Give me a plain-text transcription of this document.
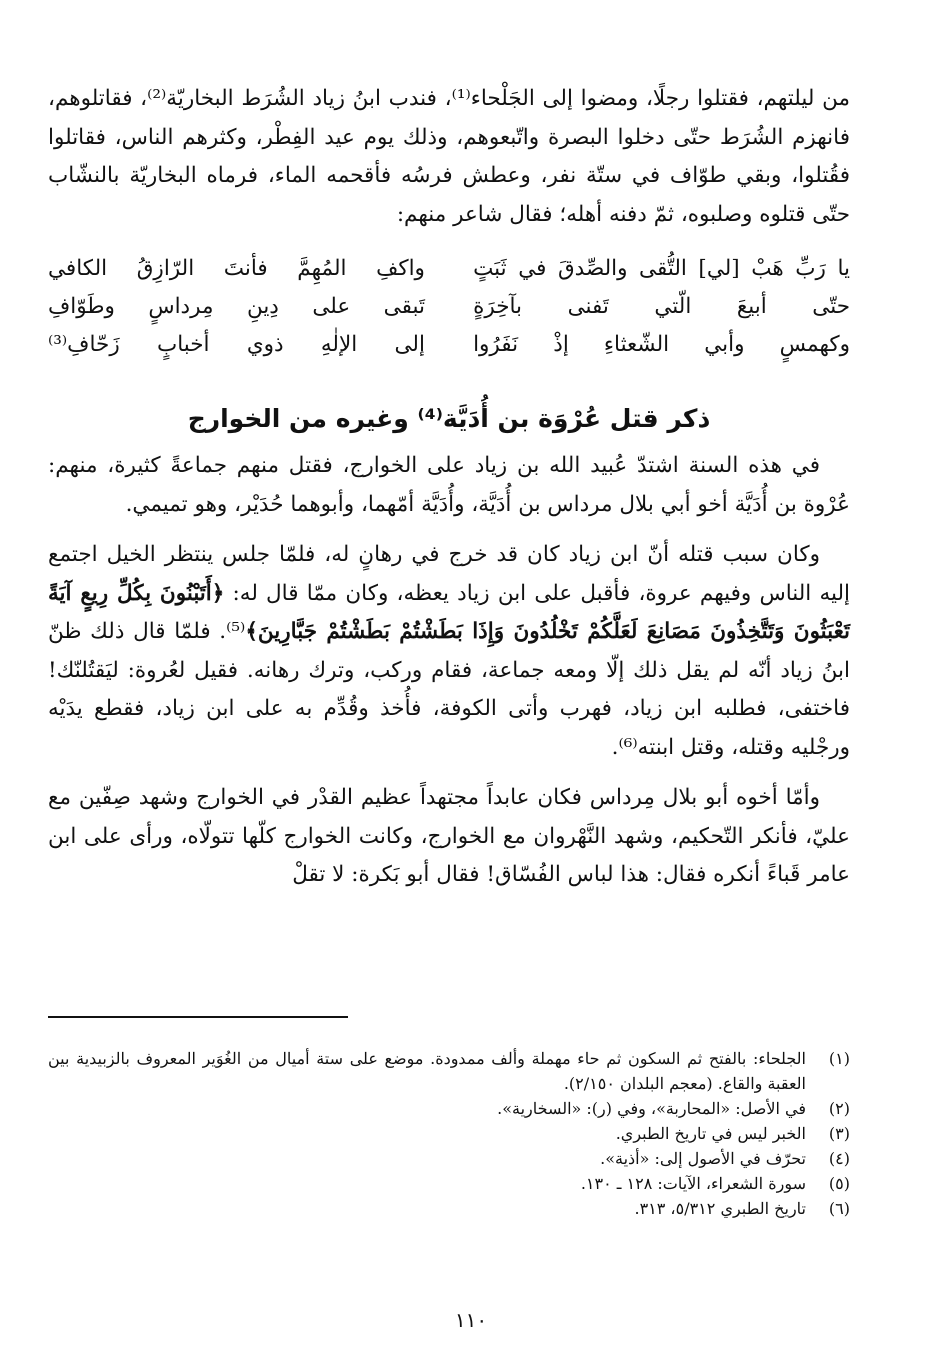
من ليلتهم، فقتلوا رجلًا، ومضوا إلى الجَلْحاء⁽¹⁾، فندب ابنُ زياد الشُرَط البخاريّة⁽²⁾، فقاتلوهم، فانهزم الشُرَط حتّى دخلوا البصرة واتّبعوهم، وذلك يوم عيد الفِطْر، وكثرهم الناس، فقاتلوا فقُتلوا، وبقي طوّاف في ستّة نفر، وعطش فرسُه فأقحمه الماء، فرماه البخاريّة بالنشّاب حتّى قتلوه وصلبوه، ثمّ دفنه أهله؛ فقال شاعر منهم:

يا رَبِّ هَبْ [لي] التُّقى والصِّدقَ في ثَبَتٍ
واكفِ المُهِمَّ فأنتَ الرّازِقُ الكافي
حتّى أبيعَ الّتي تَفنى بآخِرَةٍ
تَبقى على دِينِ مِرداسٍ وطَوّافِ
وكهمسٍ وأبي الشّعثاءِ إذْ نَفَرُوا
إلى الإلٰهِ ذوي أخبابٍ زَحّافِ⁽³⁾
ذكر قتل عُرْوَة بن أُدَيَّة⁽⁴⁾ وغيره من الخوارج

في هذه السنة اشتدّ عُبيد الله بن زياد على الخوارج، فقتل منهم جماعةً كثيرة، منهم: عُرْوة بن أُدَيَّة أخو أبي بلال مرداس بن أُدَيَّة، وأُدَيَّة أمّهما، وأبوهما حُدَيْر، وهو تميمي.

وكان سبب قتله أنّ ابن زياد كان قد خرج في رهانٍ له، فلمّا جلس ينتظر الخيل اجتمع إليه الناس وفيهم عروة، فأقبل على ابن زياد يعظه، وكان ممّا قال له: ﴿أَتَبْنُونَ بِكُلِّ رِيعٍ آيَةً تَعْبَثُونَ وَتَتَّخِذُونَ مَصَانِعَ لَعَلَّكُمْ تَخْلُدُونَ وَإِذَا بَطَشْتُمْ بَطَشْتُمْ جَبَّارِينَ﴾⁽⁵⁾. فلمّا قال ذلك ظنّ ابنُ زياد أنّه لم يقل ذلك إلّا ومعه جماعة، فقام وركب، وترك رهانه. فقيل لعُروة: ليَقتُلنّك! فاختفى، فطلبه ابن زياد، فهرب وأتى الكوفة، فأُخذ وقُدِّم به على ابن زياد، فقطع يدَيْه ورجْليه وقتله، وقتل ابنته⁽⁶⁾.

وأمّا أخوه أبو بلال مِرداس فكان عابداً مجتهداً عظيم القدْر في الخوارج وشهد صِفّين مع عليّ، فأنكر التّحكيم، وشهد النَّهْروان مع الخوارج، وكانت الخوارج كلّها تتولّاه، ورأى على ابن عامر قَباءً أنكره فقال: هذا لباس الفُسّاق! فقال أبو بَكرة: لا تقلْ

(١)
الجلحاء: بالفتح ثم السكون ثم حاء مهملة وألف ممدودة. موضع على ستة أميال من الغُوَير المعروف بالزبيدية بين العقبة والقاع. (معجم البلدان ٢/١٥٠).
(٢)
في الأصل: «المحاربة»، وفي (ر): «السخارية».
(٣)
الخبر ليس في تاريخ الطبري.
(٤)
تحرّف في الأصول إلى: «أذية».
(٥)
سورة الشعراء، الآيات: ١٢٨ ـ ١٣٠.
(٦)
تاريخ الطبري ٥/٣١٢، ٣١٣.
١١٠
